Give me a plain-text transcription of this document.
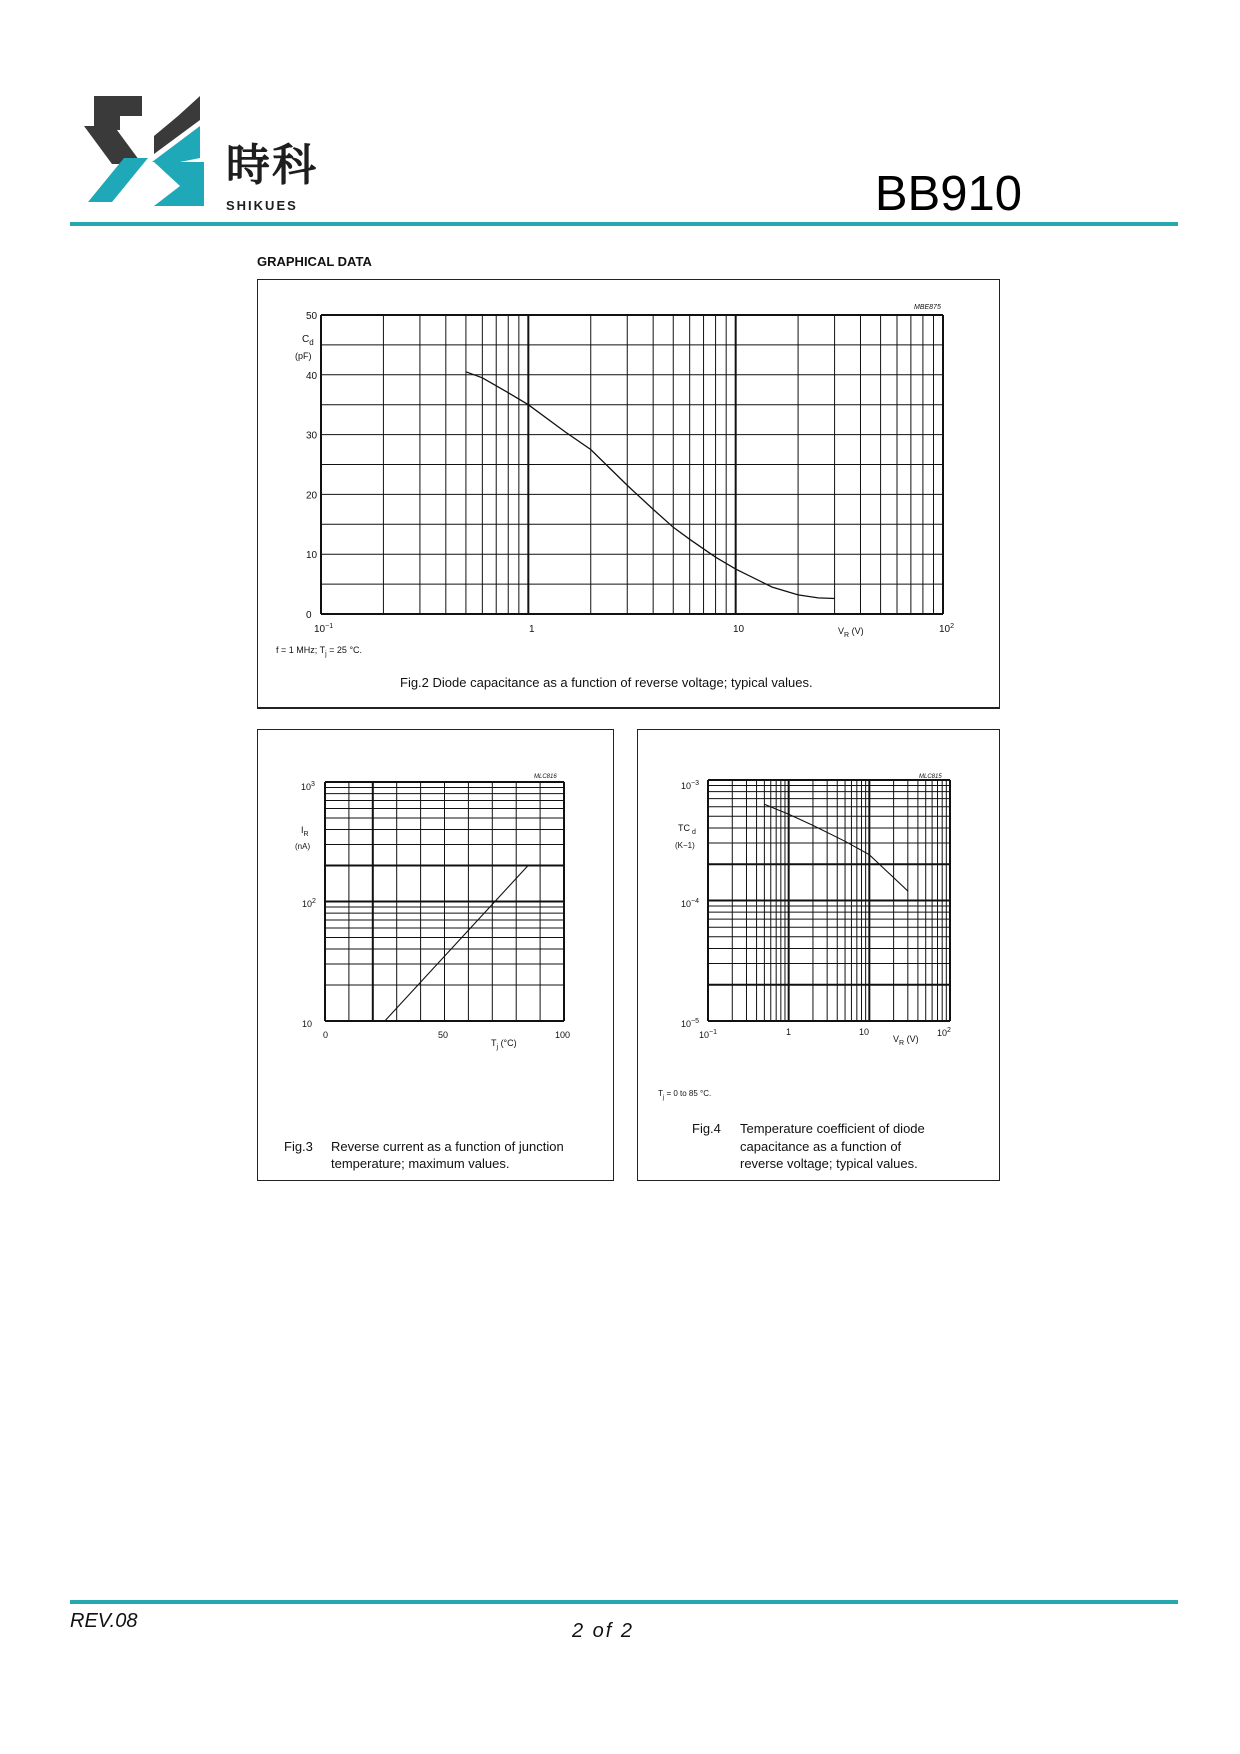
時科
SHIKUES	BB910
GRAPHICAL DATA
MBE875
$C_d$
(pF)
0
10
20
30
40
50
$10^{-1}$	1	10	$10^2$
$V_R$ (V)
f = 1 MHz; $T_j = 25$ °C.
Fig.2 Diode capacitance as a function of reverse voltage; typical values.
MLC816
$10^3$
$10^2$
10
$I_R$
(nA)
0	50	100
$T_j$ (°C)
Fig.3 Reverse current as a function of junction
temperature; maximum values.
MLC815
$10^{-3}$
$10^{-4}$
$10^{-5}$
TC $_d$
(K−1)
$10^{-1}$	1	10	$10^2$
$V_R$ (V)
$T_j = 0$ to 85 °C.
Fig.4 Temperature coefficient of diode
capacitance as a function of
reverse voltage; typical values.
REV.08	2 of 2
